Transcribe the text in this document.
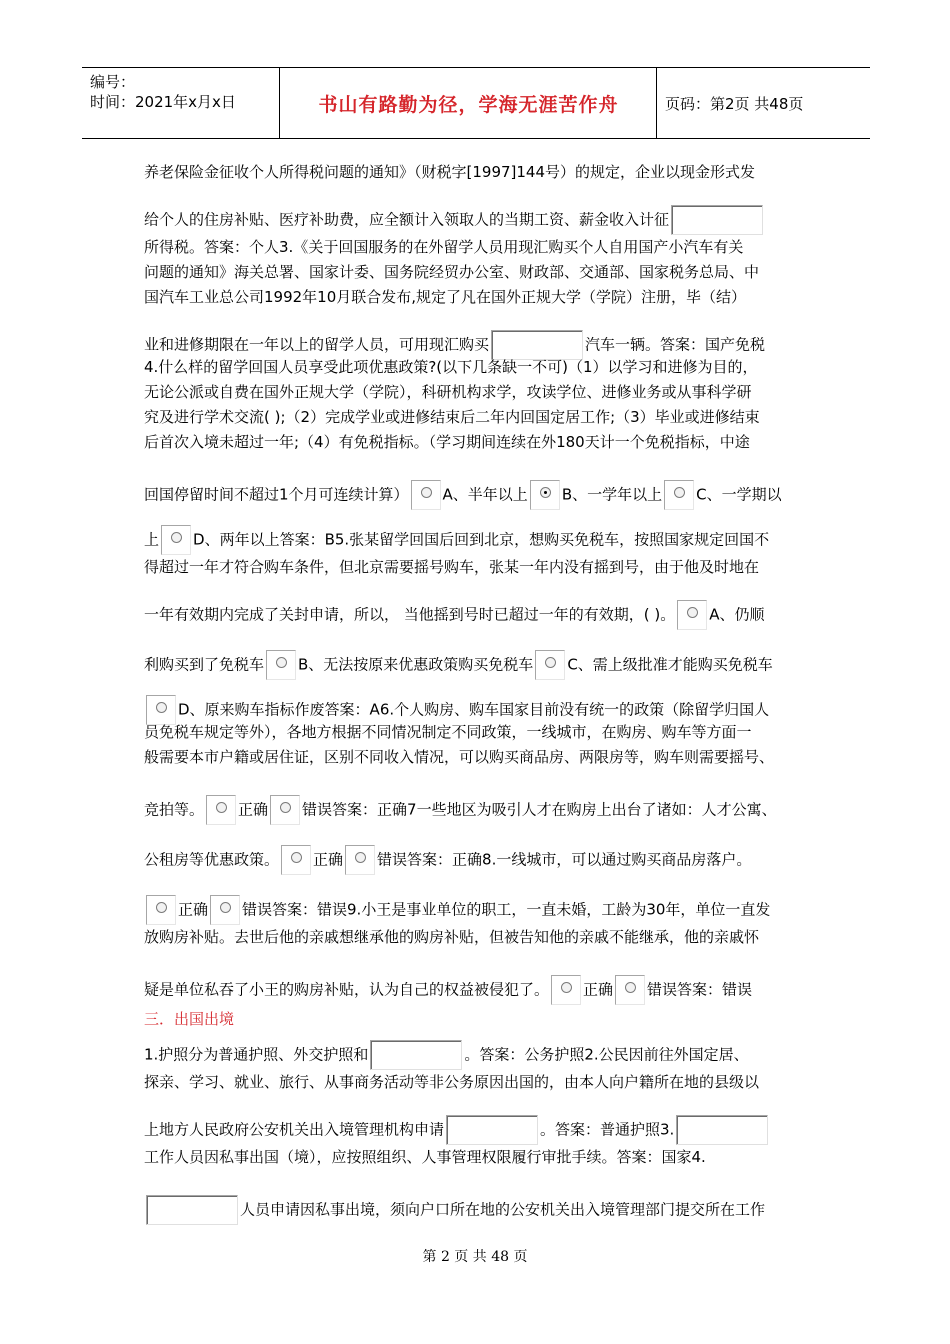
编号：
时间：2021年x月x日	书山有路勤为径，学海无涯苦作舟	页码：第2页 共48页
养老保险金征收个人所得税问题的通知》（财税字[1997]144号）的规定，企业以现金形式发
给个人的住房补贴、医疗补助费，应全额计入领取人的当期工资、薪金收入计征
所得税。答案：个人3.《关于回国服务的在外留学人员用现汇购买个人自用国产小汽车有关
问题的通知》海关总署、国家计委、国务院经贸办公室、财政部、交通部、国家税务总局、中
国汽车工业总公司1992年10月联合发布,规定了凡在国外正规大学（学院）注册，毕（结）
业和进修期限在一年以上的留学人员，可用现汇购买	汽车一辆。答案：国产免税
4.什么样的留学回国人员享受此项优惠政策?(以下几条缺一不可)（1）以学习和进修为目的，
无论公派或自费在国外正规大学（学院），科研机构求学，攻读学位、进修业务或从事科学研
究及进行学术交流( );（2）完成学业或进修结束后二年内回国定居工作;（3）毕业或进修结束
后首次入境未超过一年;（4）有免税指标。（学习期间连续在外180天计一个免税指标，中途
回国停留时间不超过1个月可连续计算） A、半年以上 B、一学年以上 C、一学期以
上 D、两年以上答案：B5.张某留学回国后回到北京，想购买免税车，按照国家规定回国不
得超过一年才符合购车条件，但北京需要摇号购车，张某一年内没有摇到号，由于他及时地在
一年有效期内完成了关封申请，所以， 当他摇到号时已超过一年的有效期，( )。 A、仍顺
利购买到了免税车 B、无法按原来优惠政策购买免税车 C、需上级批准才能购买免税车
D、原来购车指标作废答案：A6.个人购房、购车国家目前没有统一的政策（除留学归国人
员免税车规定等外），各地方根据不同情况制定不同政策，一线城市，在购房、购车等方面一
般需要本市户籍或居住证，区别不同收入情况，可以购买商品房、两限房等，购车则需要摇号、
竞拍等。 正确 错误答案：正确7一些地区为吸引人才在购房上出台了诸如：人才公寓、
公租房等优惠政策。 正确 错误答案：正确8.一线城市，可以通过购买商品房落户。
正确 错误答案：错误9.小王是事业单位的职工，一直未婚，工龄为30年，单位一直发
放购房补贴。去世后他的亲戚想继承他的购房补贴，但被告知他的亲戚不能继承，他的亲戚怀
疑是单位私吞了小王的购房补贴，认为自己的权益被侵犯了。 正确 错误答案：错误
三．出国出境
1.护照分为普通护照、外交护照和	。答案：公务护照2.公民因前往外国定居、
探亲、学习、就业、旅行、从事商务活动等非公务原因出国的，由本人向户籍所在地的县级以
上地方人民政府公安机关出入境管理机构申请	。答案：普通护照3.
工作人员因私事出国（境），应按照组织、人事管理权限履行审批手续。答案：国家4.
人员申请因私事出境，须向户口所在地的公安机关出入境管理部门提交所在工作
第 2 页 共 48 页
